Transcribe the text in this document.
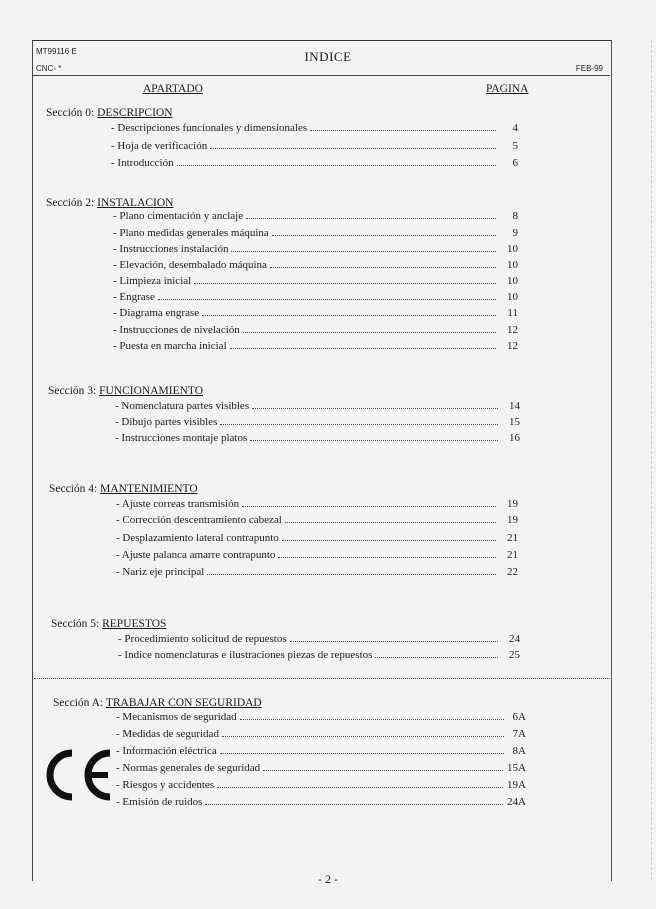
MT99116 E
CNC- *
INDICE
FEB-99
APARTADO	PAGINA
Sección 0: DESCRIPCION
- Descripciones funcionales y dimensionales	4
- Hoja de verificación	5
- Introducción	6
Sección 2: INSTALACION
- Plano cimentación y anclaje	8
- Plano medidas generales máquina	9
- Instrucciones instalación	10
- Elevación, desembalado máquina	10
- Limpieza inicial	10
- Engrase	10
- Diagrama engrase	11
- Instrucciones de nivelación	12
- Puesta en marcha inicial	12
Sección 3: FUNCIONAMIENTO
- Nomenclatura partes visibles	14
- Dibujo partes visibles	15
- Instrucciones montaje platos	16
Sección 4: MANTENIMIENTO
- Ajuste correas transmisión	19
- Corrección descentramiento cabezal	19
- Desplazamiento lateral contrapunto	21
- Ajuste palanca amarre contrapunto	21
- Nariz eje principal	22
Sección 5: REPUESTOS
- Procedimiento solicitud de repuestos	24
- Indice nomenclaturas e ilustraciones piezas de repuestos	25
Sección A: TRABAJAR CON SEGURIDAD
- Mecanismos de seguridad	6A
- Medidas de seguridad	7A
- Información eléctrica	8A
- Normas generales de seguridad	15A
- Riesgos y accidentes	19A
- Emisión de ruidos	24A
- 2 -
